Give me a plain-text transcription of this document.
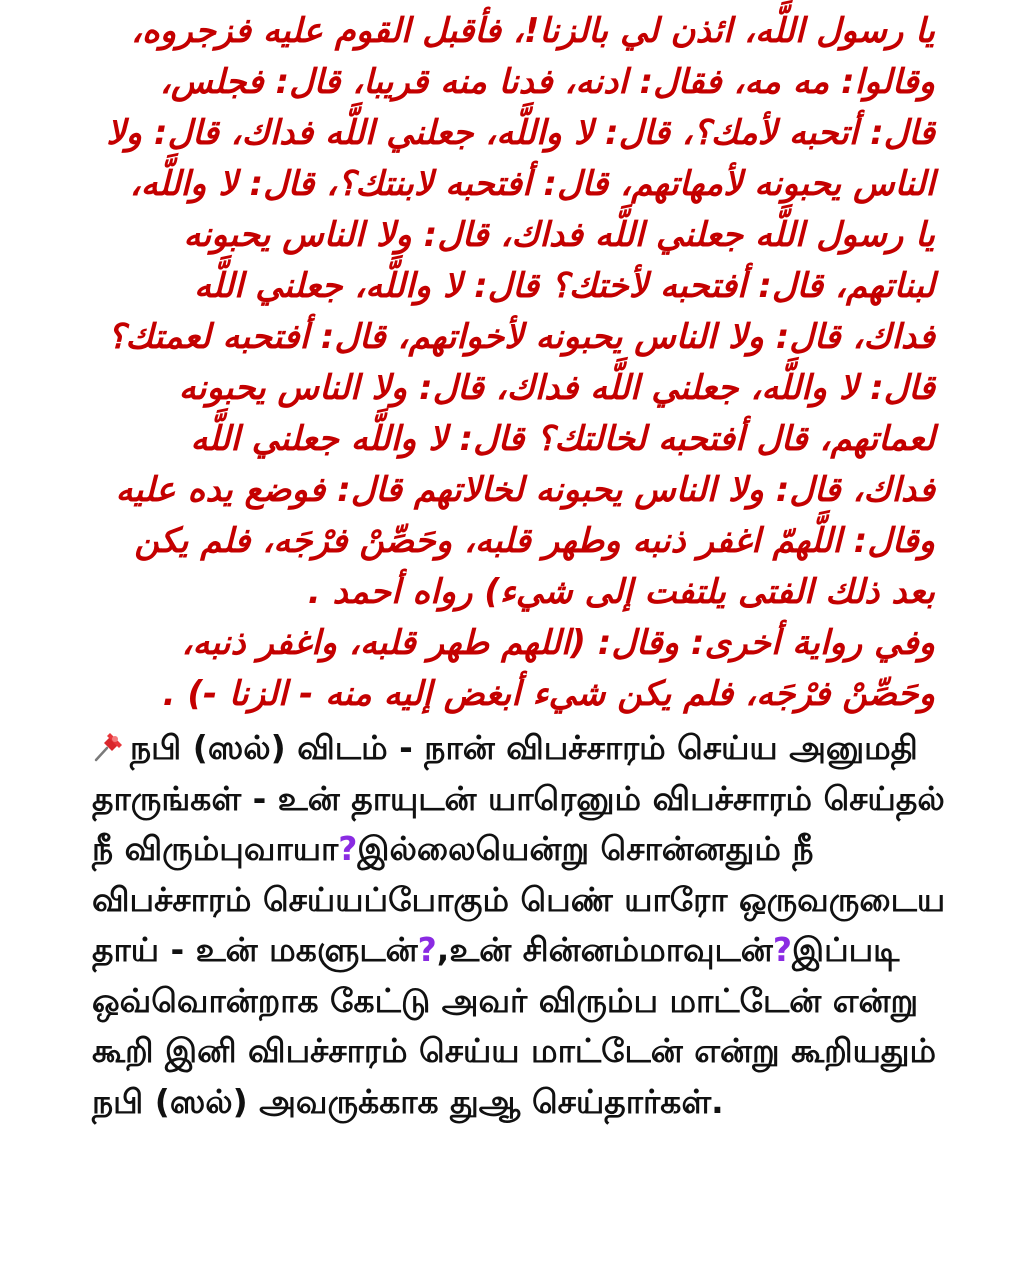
يا رسول اللَّه، ائذن لي بالزنا!، فأقبل القوم عليه فزجروه، وقالوا: مه مه، فقال: ادنه، فدنا منه قريبا، قال: فجلس، قال: أتحبه لأمك؟، قال: لا واللَّه، جعلني اللَّه فداك، قال: ولا الناس يحبونه لأمهاتهم، قال: أفتحبه لابنتك؟، قال: لا واللَّه، يا رسول اللَّه جعلني اللَّه فداك، قال: ولا الناس يحبونه لبناتهم، قال: أفتحبه لأختك؟ قال: لا واللَّه، جعلني اللَّه فداك، قال: ولا الناس يحبونه لأخواتهم، قال: أفتحبه لعمتك؟ قال: لا واللَّه، جعلني اللَّه فداك، قال: ولا الناس يحبونه لعماتهم، قال أفتحبه لخالتك؟ قال: لا واللَّه جعلني اللَّه فداك، قال: ولا الناس يحبونه لخالاتهم قال: فوضع يده عليه وقال: اللَّهمّ اغفر ذنبه وطهر قلبه، وحَصِّنْ فرْجَه، فلم يكن بعد ذلك الفتى يلتفت إلى شيء) رواه أحمد .

وفي رواية أخرى: وقال: (اللهم طهر قلبه، واغفر ذنبه، وحَصِّنْ فرْجَه، فلم يكن شيء أبغض إليه منه - الزنا -) .

நபி (ஸல்) விடம் - நான் விபச்சாரம் செய்ய அனுமதி தாருங்கள் - உன் தாயுடன் யாரெனும் விபச்சாரம் செய்தல் நீ விரும்புவாயா?இல்லையென்று சொன்னதும் நீ விபச்சாரம் செய்யப்போகும் பெண் யாரோ ஒருவருடைய தாய் - உன் மகளுடன்?,உன் சின்னம்மாவுடன்?இப்படி ஒவ்வொன்றாக கேட்டு அவர் விரும்ப மாட்டேன் என்று கூறி இனி விபச்சாரம் செய்ய மாட்டேன் என்று கூறியதும் நபி (ஸல்) அவருக்காக துஆ செய்தார்கள்.
